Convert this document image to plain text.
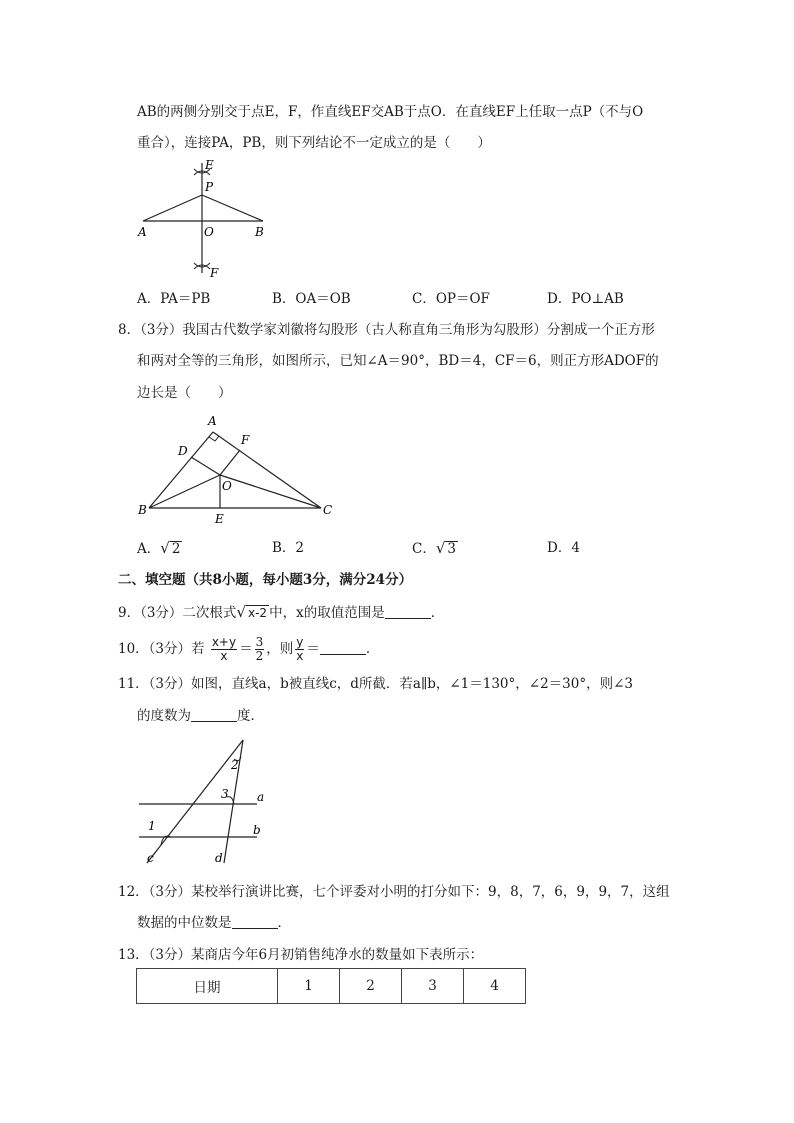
AB的两侧分别交于点E，F，作直线EF交AB于点O．在直线EF上任取一点P（不与O
重合），连接PA，PB，则下列结论不一定成立的是（　　）
E
P
A	O	B
F
A．PA＝PB	B．OA＝OB	C．OP＝OF	D．PO⊥AB
8．（3分）我国古代数学家刘徽将勾股形（古人称直角三角形为勾股形）分割成一个正方形
和两对全等的三角形，如图所示，已知∠A＝90°，BD＝4，CF＝6，则正方形ADOF的
边长是（　　）
A
D
F
O
B
E
C
A．√ 2	B．2	C．√ 3	D．4
二、填空题（共8小题，每小题3分，满分24分）
9．（3分）二次根式√ x-2 中，x的取值范围是	．
10．（3分）若 $\frac{x+y}{x} = \frac{3}{2}$ ，则 $\frac{y}{x}$ ＝	．
11．（3分）如图，直线a，b被直线c，d所截．若a∥b，∠1＝130°，∠2＝30°，则∠3
的度数为	度．
2
3
1
a
b
c	d
12．（3分）某校举行演讲比赛，七个评委对小明的打分如下：9，8，7，6，9，9，7，这组
数据的中位数是	．
13．（3分）某商店今年6月初销售纯净水的数量如下表所示：
日期	1	2	3	4
